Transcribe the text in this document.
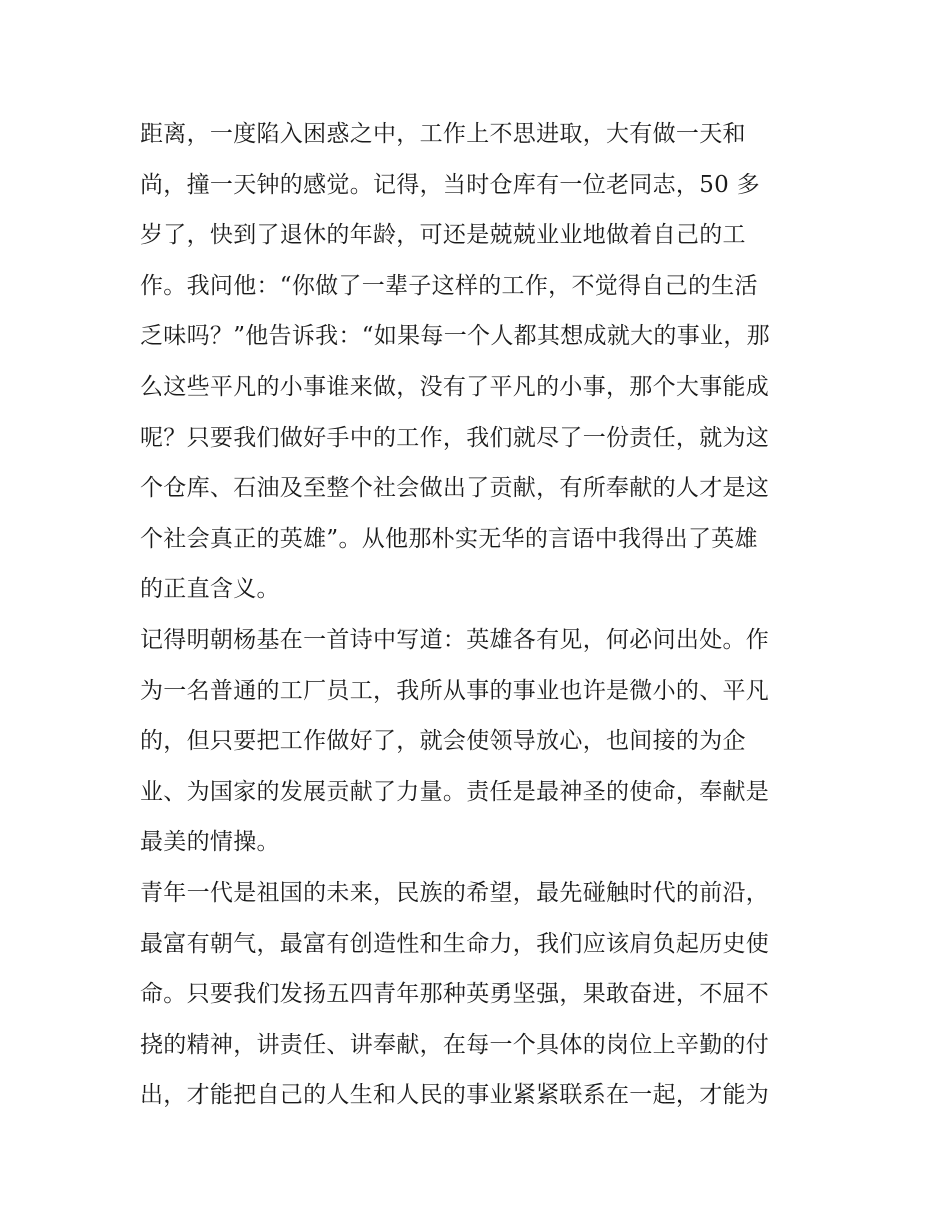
距离，一度陷入困惑之中，工作上不思进取，大有做一天和
尚，撞一天钟的感觉。记得，当时仓库有一位老同志，50 多
岁了，快到了退休的年龄，可还是兢兢业业地做着自己的工
作。我问他：“你做了一辈子这样的工作，不觉得自己的生活
乏味吗？”他告诉我：“如果每一个人都其想成就大的事业，那
么这些平凡的小事谁来做，没有了平凡的小事，那个大事能成
呢？只要我们做好手中的工作，我们就尽了一份责任，就为这
个仓库、石油及至整个社会做出了贡献，有所奉献的人才是这
个社会真正的英雄”。从他那朴实无华的言语中我得出了英雄
的正直含义。
记得明朝杨基在一首诗中写道：英雄各有见，何必问出处。作
为一名普通的工厂员工，我所从事的事业也许是微小的、平凡
的，但只要把工作做好了，就会使领导放心，也间接的为企
业、为国家的发展贡献了力量。责任是最神圣的使命，奉献是
最美的情操。
青年一代是祖国的未来，民族的希望，最先碰触时代的前沿，
最富有朝气，最富有创造性和生命力，我们应该肩负起历史使
命。只要我们发扬五四青年那种英勇坚强，果敢奋进，不屈不
挠的精神，讲责任、讲奉献，在每一个具体的岗位上辛勤的付
出，才能把自己的人生和人民的事业紧紧联系在一起，才能为
